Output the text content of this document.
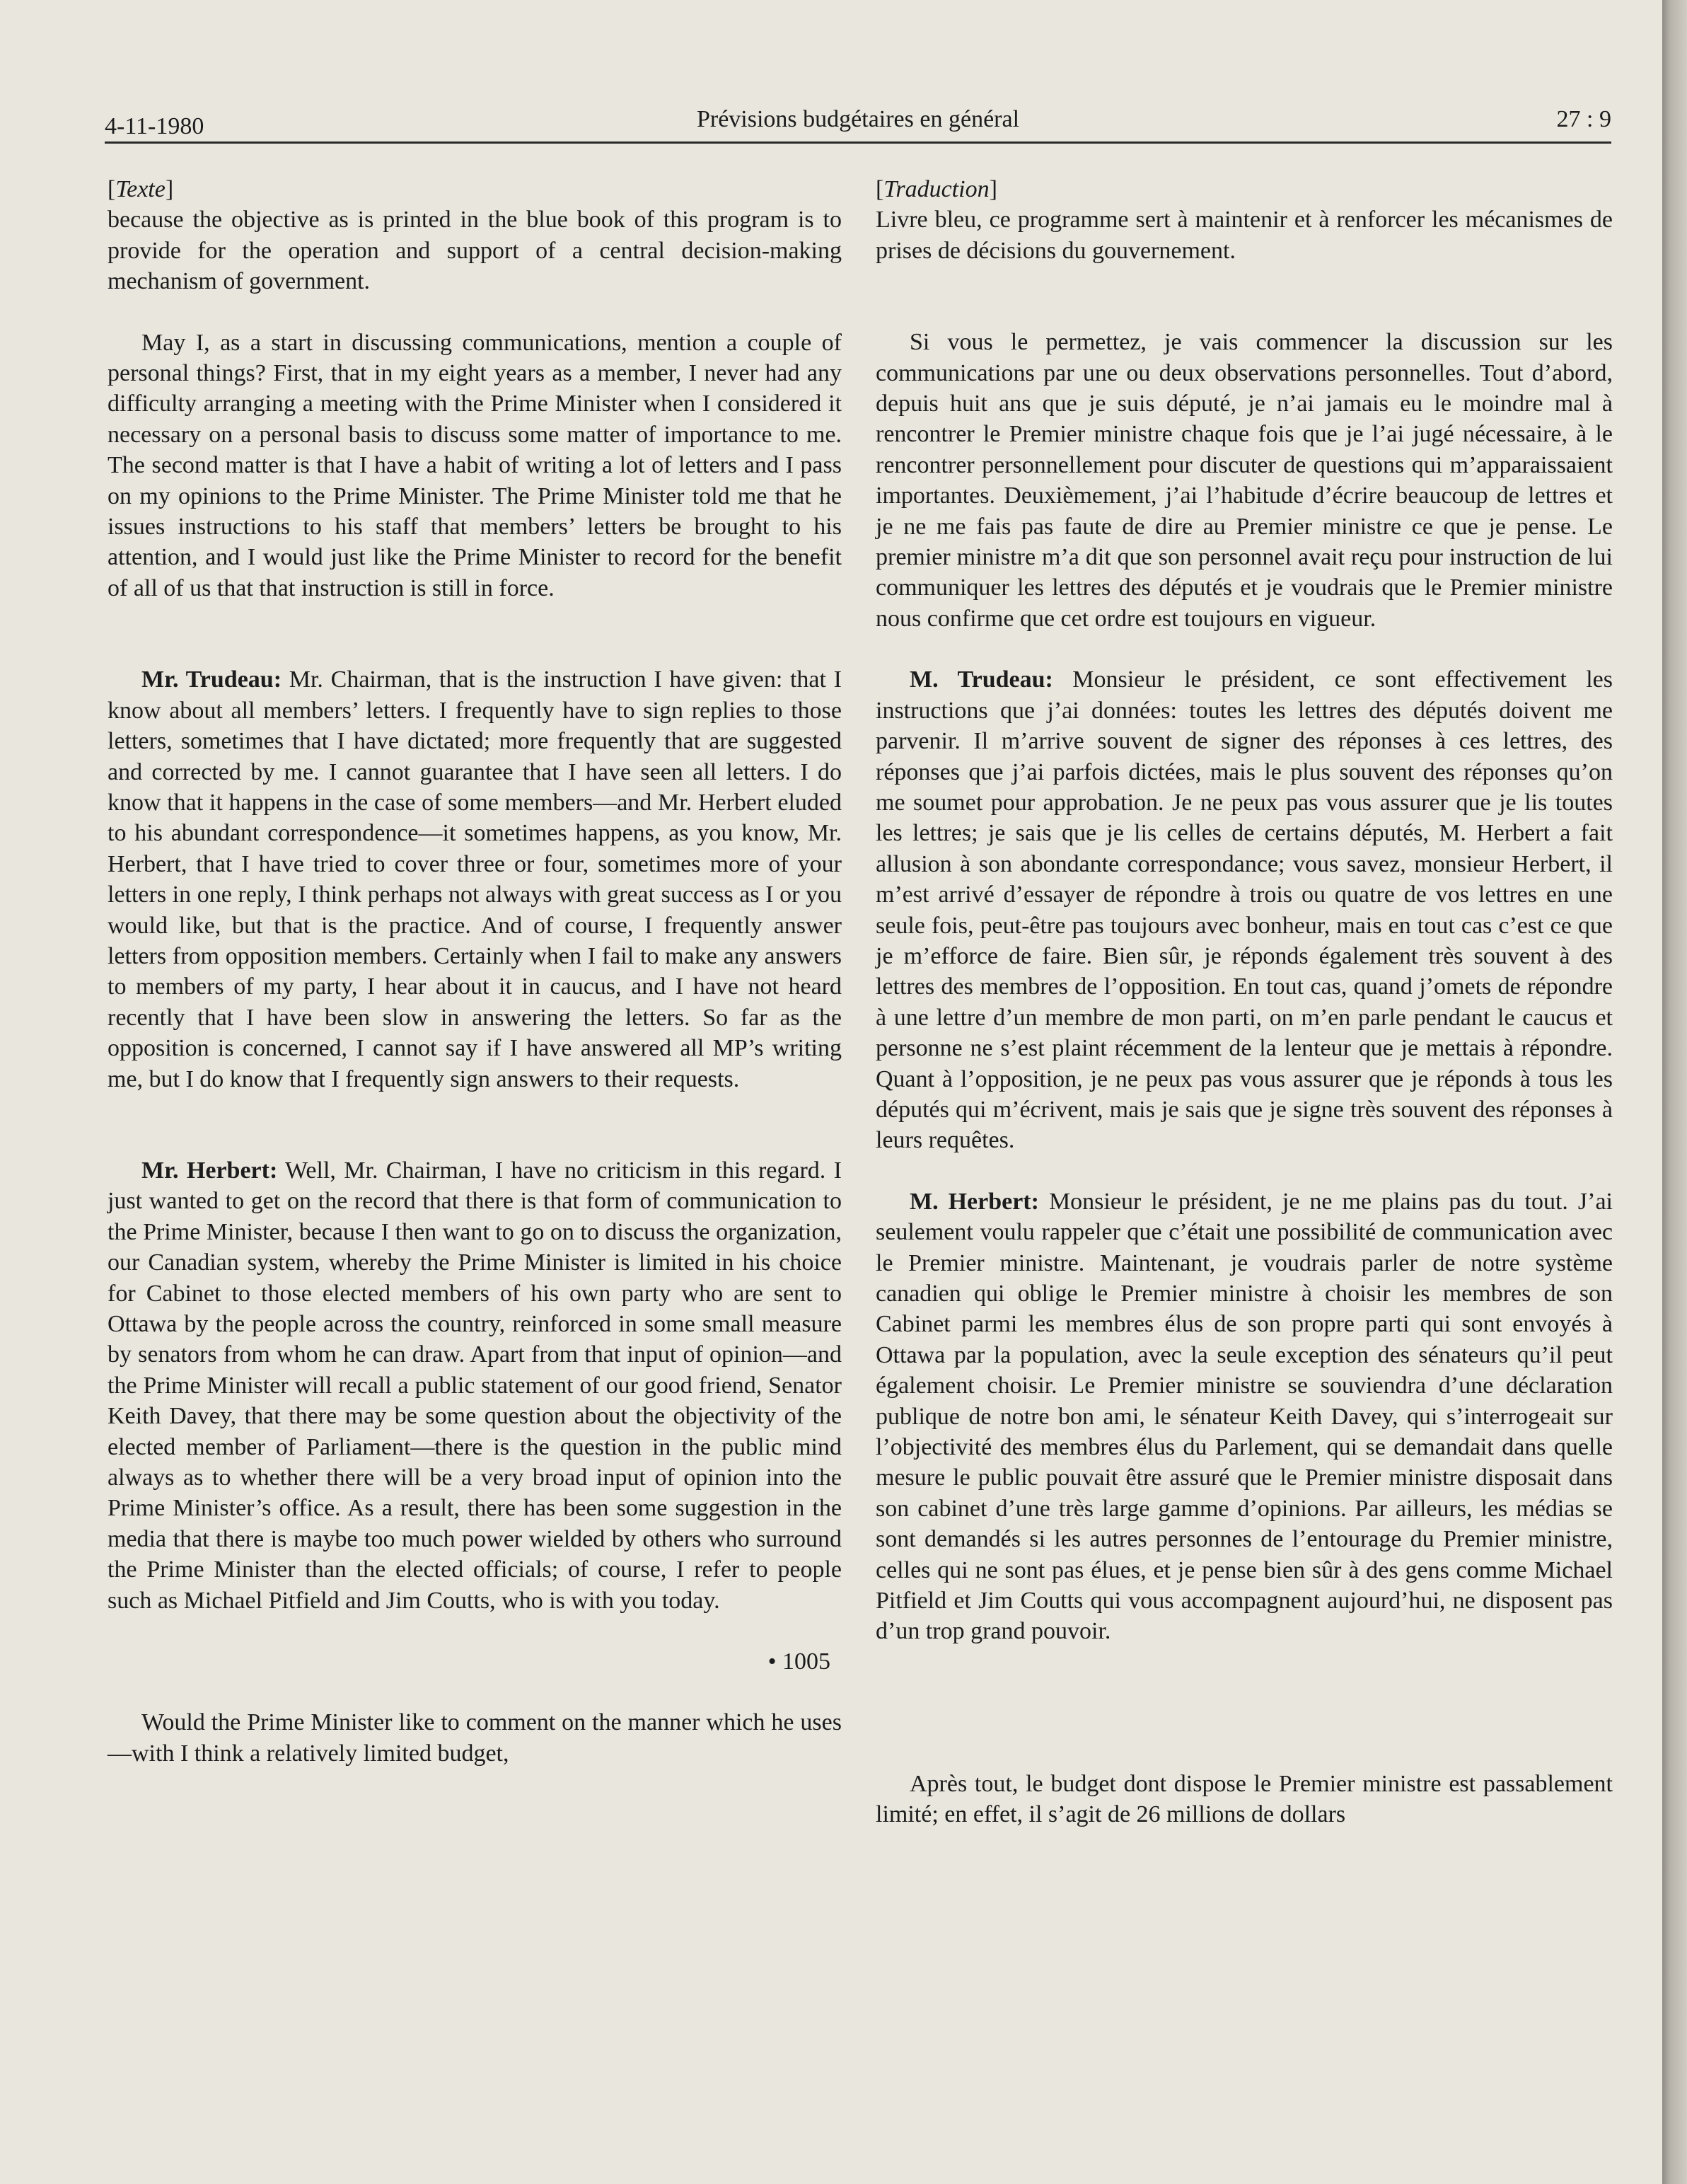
4-11-1980	Prévisions budgétaires en général	27 : 9

[Texte]

because the objective as is printed in the blue book of this program is to provide for the operation and support of a central decision-making mechanism of government.

May I, as a start in discussing communications, mention a couple of personal things? First, that in my eight years as a member, I never had any difficulty arranging a meeting with the Prime Minister when I considered it necessary on a personal basis to discuss some matter of importance to me. The second matter is that I have a habit of writing a lot of letters and I pass on my opinions to the Prime Minister. The Prime Minister told me that he issues instructions to his staff that members’ letters be brought to his attention, and I would just like the Prime Minister to record for the benefit of all of us that that instruction is still in force.

Mr. Trudeau: Mr. Chairman, that is the instruction I have given: that I know about all members’ letters. I frequently have to sign replies to those letters, sometimes that I have dictated; more frequently that are suggested and corrected by me. I cannot guarantee that I have seen all letters. I do know that it happens in the case of some members—and Mr. Herbert eluded to his abundant correspondence—it sometimes happens, as you know, Mr. Herbert, that I have tried to cover three or four, sometimes more of your letters in one reply, I think perhaps not always with great success as I or you would like, but that is the practice. And of course, I frequently answer letters from opposition members. Certainly when I fail to make any answers to members of my party, I hear about it in caucus, and I have not heard recently that I have been slow in answering the letters. So far as the opposition is concerned, I cannot say if I have answered all MP’s writing me, but I do know that I frequently sign answers to their requests.

Mr. Herbert: Well, Mr. Chairman, I have no criticism in this regard. I just wanted to get on the record that there is that form of communication to the Prime Minister, because I then want to go on to discuss the organization, our Canadian system, whereby the Prime Minister is limited in his choice for Cabinet to those elected members of his own party who are sent to Ottawa by the people across the country, reinforced in some small measure by senators from whom he can draw. Apart from that input of opinion—and the Prime Minister will recall a public statement of our good friend, Senator Keith Davey, that there may be some question about the objectivity of the elected member of Parliament—there is the question in the public mind always as to whether there will be a very broad input of opinion into the Prime Minister’s office. As a result, there has been some suggestion in the media that there is maybe too much power wielded by others who surround the Prime Minister than the elected officials; of course, I refer to people such as Michael Pitfield and Jim Coutts, who is with you today.

• 1005

Would the Prime Minister like to comment on the manner which he uses—with I think a relatively limited budget,

[Traduction]

Livre bleu, ce programme sert à maintenir et à renforcer les mécanismes de prises de décisions du gouvernement.

Si vous le permettez, je vais commencer la discussion sur les communications par une ou deux observations personnelles. Tout d’abord, depuis huit ans que je suis député, je n’ai jamais eu le moindre mal à rencontrer le Premier ministre chaque fois que je l’ai jugé nécessaire, à le rencontrer personnellement pour discuter de questions qui m’apparaissaient importantes. Deuxièmement, j’ai l’habitude d’écrire beaucoup de lettres et je ne me fais pas faute de dire au Premier ministre ce que je pense. Le premier ministre m’a dit que son personnel avait reçu pour instruction de lui communiquer les lettres des députés et je voudrais que le Premier ministre nous confirme que cet ordre est toujours en vigueur.

M. Trudeau: Monsieur le président, ce sont effectivement les instructions que j’ai données: toutes les lettres des députés doivent me parvenir. Il m’arrive souvent de signer des réponses à ces lettres, des réponses que j’ai parfois dictées, mais le plus souvent des réponses qu’on me soumet pour approbation. Je ne peux pas vous assurer que je lis toutes les lettres; je sais que je lis celles de certains députés, M. Herbert a fait allusion à son abondante correspondance; vous savez, monsieur Herbert, il m’est arrivé d’essayer de répondre à trois ou quatre de vos lettres en une seule fois, peut-être pas toujours avec bonheur, mais en tout cas c’est ce que je m’efforce de faire. Bien sûr, je réponds également très souvent à des lettres des membres de l’opposition. En tout cas, quand j’omets de répondre à une lettre d’un membre de mon parti, on m’en parle pendant le caucus et personne ne s’est plaint récemment de la lenteur que je mettais à répondre. Quant à l’opposition, je ne peux pas vous assurer que je réponds à tous les députés qui m’écrivent, mais je sais que je signe très souvent des réponses à leurs requêtes.

M. Herbert: Monsieur le président, je ne me plains pas du tout. J’ai seulement voulu rappeler que c’était une possibilité de communication avec le Premier ministre. Maintenant, je voudrais parler de notre système canadien qui oblige le Premier ministre à choisir les membres de son Cabinet parmi les membres élus de son propre parti qui sont envoyés à Ottawa par la population, avec la seule exception des sénateurs qu’il peut également choisir. Le Premier ministre se souviendra d’une déclaration publique de notre bon ami, le sénateur Keith Davey, qui s’interrogeait sur l’objectivité des membres élus du Parlement, qui se demandait dans quelle mesure le public pouvait être assuré que le Premier ministre disposait dans son cabinet d’une très large gamme d’opinions. Par ailleurs, les médias se sont demandés si les autres personnes de l’entourage du Premier ministre, celles qui ne sont pas élues, et je pense bien sûr à des gens comme Michael Pitfield et Jim Coutts qui vous accompagnent aujourd’hui, ne disposent pas d’un trop grand pouvoir.

Après tout, le budget dont dispose le Premier ministre est passablement limité; en effet, il s’agit de 26 millions de dollars
